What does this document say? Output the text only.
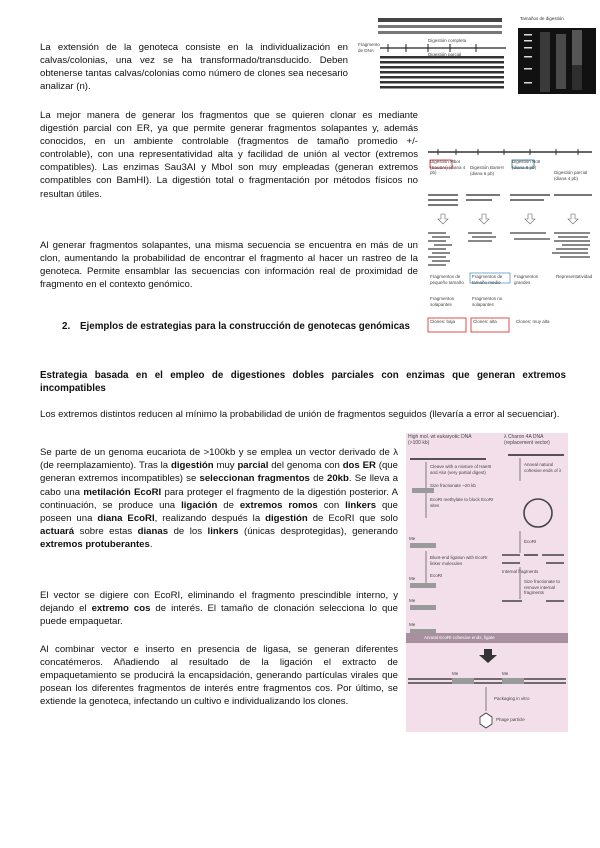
Digestión completa
Digestión parcial
Fragmento de DNA
Tamaños de digestión

La extensión de la genoteca consiste en la individualización en calvas/colonias, una vez se ha transformado/transducido. Deben obtenerse tantas calvas/colonias como número de clones sea necesario analizar (n).

La mejor manera de generar los fragmentos que se quieren clonar es mediante digestión parcial con ER, ya que permite generar fragmentos solapantes y, además conocidos, en un ambiente controlable (fragmentos de tamaño promedio +/- controlable), con una representatividad alta y facilidad de unión al vector (extremos compatibles). Las enzimas Sau3AI y MboI son muy empleadas (generan extremos compatibles con BamHI). La digestión total o fragmentación por métodos físicos no resultan útiles.

Digestión MboI (Sau3AI) (diana 4 pb)
Digestión BamHI (diana 6 pb)
Digestión NotI (diana 8 pb)
Digestión parcial (diana 4 pb)
Fragmentos de pequeño tamaño
Fragmentos de tamaño medio
Fragmentos grandes
Representatividad
Fragmentos solapantes
Fragmentos no solapantes
Clones: baja	Clones: alta	Clones: muy alta

Al generar fragmentos solapantes, una misma secuencia se encuentra en más de un clon, aumentando la probabilidad de encontrar el fragmento al hacer un rastreo de la genoteca. Permite ensamblar las secuencias con información real de proximidad de fragmento en el contexto genómico.

2.	Ejemplos de estrategias para la construcción de genotecas genómicas
Estrategia basada en el empleo de digestiones dobles parciales con enzimas que generan extremos incompatibles

Los extremos distintos reducen al mínimo la probabilidad de unión de fragmentos seguidos (llevaría a error al secuenciar).

Se parte de un genoma eucariota de >100kb y se emplea un vector derivado de λ (de reemplazamiento). Tras la digestión muy parcial del genoma con dos ER (que generan extremos incompatibles) se seleccionan fragmentos de 20kb. Se lleva a cabo una metilación EcoRI para proteger el fragmento de la digestión posterior. A continuación, se produce una ligación de extremos romos con linkers que poseen una diana EcoRI, realizando después la digestión de EcoRI que solo actuará sobre estas dianas de los linkers (únicas desprotegidas), generando extremos protuberantes.

El vector se digiere con EcoRI, eliminando el fragmento prescindible interno, y dejando el extremo cos de interés. El tamaño de clonación selecciona lo que puede empaquetar.

Al combinar vector e inserto en presencia de ligasa, se generan diferentes concatémeros. Añadiendo al resultado de la ligación el extracto de empaquetamiento se producirá la encapsidación, generando partículas virales que posean los diferentes fragmentos de interés entre fragmentos cos. Por último, se extiende la genoteca, infectando un cultivo e individualizando los clones.

High mol. wt eukaryotic DNA (>100 kb)
λ Charon 4A DNA (replacement vector)
Cleave with a mixture of HaeIII and AluI (very partial digest)
Size fractionate ~20 kb
EcoRI methylate to block EcoRI sites
Blunt-end ligation with EcoRI linker molecules
EcoRI
Anneal natural cohesive ends of λ
EcoRI
Internal fragments
Size fractionate to remove internal fragments
Anneal EcoRI cohesive ends, ligate
Packaging in vitro
Phage particle
Me
Me
Me
Me
Me	Me
